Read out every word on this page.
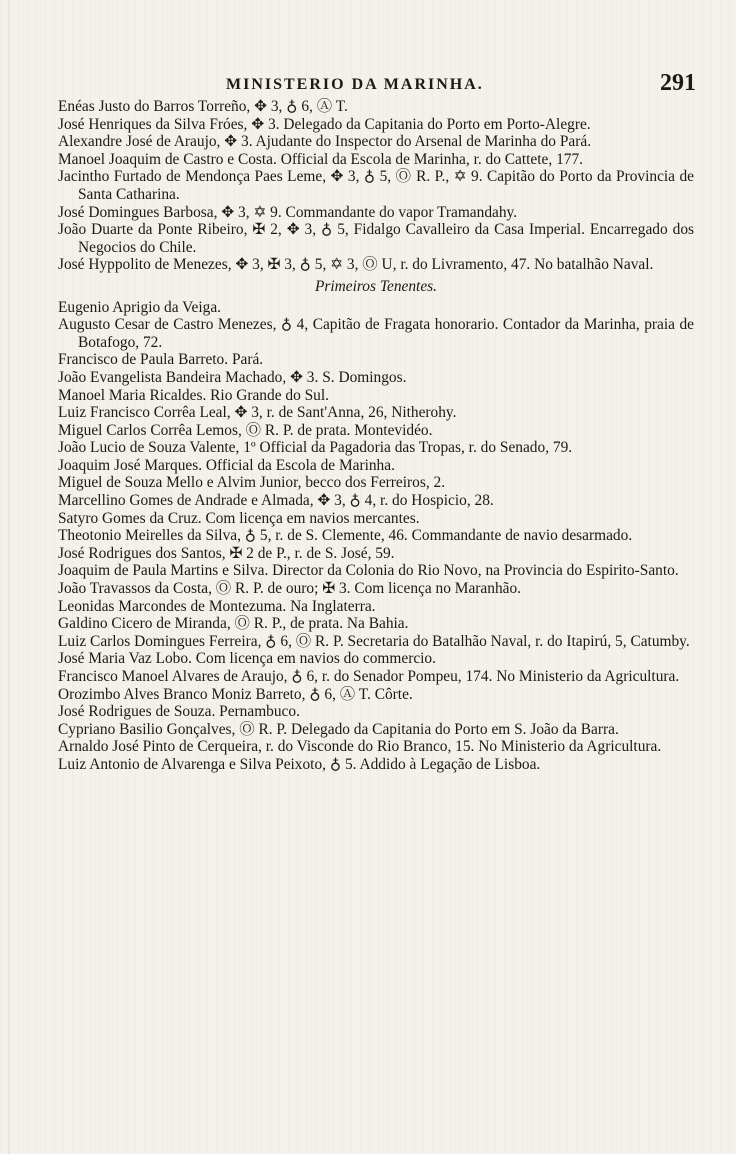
MINISTERIO DA MARINHA.	291

Enéas Justo do Barros Torreño, ✥ 3, ♁ 6, Ⓐ T.

José Henriques da Silva Fróes, ✥ 3. Delegado da Capitania do Porto em Porto-Alegre.

Alexandre José de Araujo, ✥ 3. Ajudante do Inspector do Arsenal de Marinha do Pará.

Manoel Joaquim de Castro e Costa. Official da Escola de Marinha, r. do Cattete, 177.

Jacintho Furtado de Mendonça Paes Leme, ✥ 3, ♁ 5, Ⓞ R. P., ✡ 9. Capitão do Porto da Provincia de Santa Catharina.

José Domingues Barbosa, ✥ 3, ✡ 9. Commandante do vapor Tramandahy.

João Duarte da Ponte Ribeiro, ✠ 2, ✥ 3, ♁ 5, Fidalgo Cavalleiro da Casa Imperial. Encarregado dos Negocios do Chile.

José Hyppolito de Menezes, ✥ 3, ✠ 3, ♁ 5, ✡ 3, Ⓞ U, r. do Livramento, 47. No batalhão Naval.

Primeiros Tenentes.

Eugenio Aprigio da Veiga.

Augusto Cesar de Castro Menezes, ♁ 4, Capitão de Fragata honorario. Contador da Marinha, praia de Botafogo, 72.

Francisco de Paula Barreto. Pará.

João Evangelista Bandeira Machado, ✥ 3. S. Domingos.

Manoel Maria Ricaldes. Rio Grande do Sul.

Luiz Francisco Corrêa Leal, ✥ 3, r. de Sant'Anna, 26, Nitherohy.

Miguel Carlos Corrêa Lemos, Ⓞ R. P. de prata. Montevidéo.

João Lucio de Souza Valente, 1º Official da Pagadoria das Tropas, r. do Senado, 79.

Joaquim José Marques. Official da Escola de Marinha.

Miguel de Souza Mello e Alvim Junior, becco dos Ferreiros, 2.

Marcellino Gomes de Andrade e Almada, ✥ 3, ♁ 4, r. do Hospicio, 28.

Satyro Gomes da Cruz. Com licença em navios mercantes.

Theotonio Meirelles da Silva, ♁ 5, r. de S. Clemente, 46. Commandante de navio desarmado.

José Rodrigues dos Santos, ✠ 2 de P., r. de S. José, 59.

Joaquim de Paula Martins e Silva. Director da Colonia do Rio Novo, na Provincia do Espirito-Santo.

João Travassos da Costa, Ⓞ R. P. de ouro; ✠ 3. Com licença no Maranhão.

Leonidas Marcondes de Montezuma. Na Inglaterra.

Galdino Cicero de Miranda, Ⓞ R. P., de prata. Na Bahia.

Luiz Carlos Domingues Ferreira, ♁ 6, Ⓞ R. P. Secretaria do Batalhão Naval, r. do Itapirú, 5, Catumby.

José Maria Vaz Lobo. Com licença em navios do commercio.

Francisco Manoel Alvares de Araujo, ♁ 6, r. do Senador Pompeu, 174. No Ministerio da Agricultura.

Orozimbo Alves Branco Moniz Barreto, ♁ 6, Ⓐ T. Côrte.

José Rodrigues de Souza. Pernambuco.

Cypriano Basilio Gonçalves, Ⓞ R. P. Delegado da Capitania do Porto em S. João da Barra.

Arnaldo José Pinto de Cerqueira, r. do Visconde do Rio Branco, 15. No Ministerio da Agricultura.

Luiz Antonio de Alvarenga e Silva Peixoto, ♁ 5. Addido à Legação de Lisboa.
